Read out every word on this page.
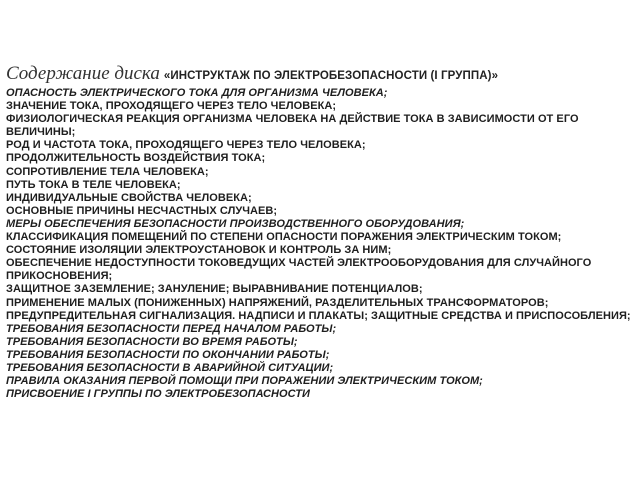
Содержание диска «ИНСТРУКТАЖ ПО ЭЛЕКТРОБЕЗОПАСНОСТИ (I ГРУППА)»

ОПАСНОСТЬ ЭЛЕКТРИЧЕСКОГО ТОКА ДЛЯ ОРГАНИЗМА ЧЕЛОВЕКА;

ЗНАЧЕНИЕ ТОКА, ПРОХОДЯЩЕГО ЧЕРЕЗ ТЕЛО ЧЕЛОВЕКА;

ФИЗИОЛОГИЧЕСКАЯ РЕАКЦИЯ ОРГАНИЗМА ЧЕЛОВЕКА НА ДЕЙСТВИЕ ТОКА В ЗАВИСИМОСТИ ОТ ЕГО ВЕЛИЧИНЫ;

РОД И ЧАСТОТА ТОКА, ПРОХОДЯЩЕГО ЧЕРЕЗ ТЕЛО ЧЕЛОВЕКА;

ПРОДОЛЖИТЕЛЬНОСТЬ ВОЗДЕЙСТВИЯ ТОКА;

СОПРОТИВЛЕНИЕ ТЕЛА ЧЕЛОВЕКА;

ПУТЬ ТОКА В ТЕЛЕ ЧЕЛОВЕКА;

ИНДИВИДУАЛЬНЫЕ СВОЙСТВА ЧЕЛОВЕКА;

ОСНОВНЫЕ ПРИЧИНЫ НЕСЧАСТНЫХ СЛУЧАЕВ;

МЕРЫ ОБЕСПЕЧЕНИЯ БЕЗОПАСНОСТИ ПРОИЗВОДСТВЕННОГО ОБОРУДОВАНИЯ;

КЛАССИФИКАЦИЯ ПОМЕЩЕНИЙ ПО СТЕПЕНИ ОПАСНОСТИ ПОРАЖЕНИЯ ЭЛЕКТРИЧЕСКИМ ТОКОМ;

СОСТОЯНИЕ ИЗОЛЯЦИИ ЭЛЕКТРОУСТАНОВОК И КОНТРОЛЬ ЗА НИМ;

ОБЕСПЕЧЕНИЕ НЕДОСТУПНОСТИ ТОКОВЕДУЩИХ ЧАСТЕЙ ЭЛЕКТРООБОРУДОВАНИЯ ДЛЯ СЛУЧАЙНОГО ПРИКОСНОВЕНИЯ;

ЗАЩИТНОЕ ЗАЗЕМЛЕНИЕ; ЗАНУЛЕНИЕ; ВЫРАВНИВАНИЕ ПОТЕНЦИАЛОВ;

ПРИМЕНЕНИЕ МАЛЫХ (ПОНИЖЕННЫХ) НАПРЯЖЕНИЙ, РАЗДЕЛИТЕЛЬНЫХ ТРАНСФОРМАТОРОВ;

ПРЕДУПРЕДИТЕЛЬНАЯ СИГНАЛИЗАЦИЯ. НАДПИСИ И ПЛАКАТЫ; ЗАЩИТНЫЕ СРЕДСТВА И ПРИСПОСОБЛЕНИЯ;

ТРЕБОВАНИЯ БЕЗОПАСНОСТИ ПЕРЕД НАЧАЛОМ РАБОТЫ;

ТРЕБОВАНИЯ БЕЗОПАСНОСТИ ВО ВРЕМЯ РАБОТЫ;

ТРЕБОВАНИЯ БЕЗОПАСНОСТИ ПО ОКОНЧАНИИ РАБОТЫ;

ТРЕБОВАНИЯ БЕЗОПАСНОСТИ В АВАРИЙНОЙ СИТУАЦИИ;

ПРАВИЛА ОКАЗАНИЯ ПЕРВОЙ ПОМОЩИ ПРИ ПОРАЖЕНИИ ЭЛЕКТРИЧЕСКИМ ТОКОМ;

ПРИСВОЕНИЕ I ГРУППЫ ПО ЭЛЕКТРОБЕЗОПАСНОСТИ
